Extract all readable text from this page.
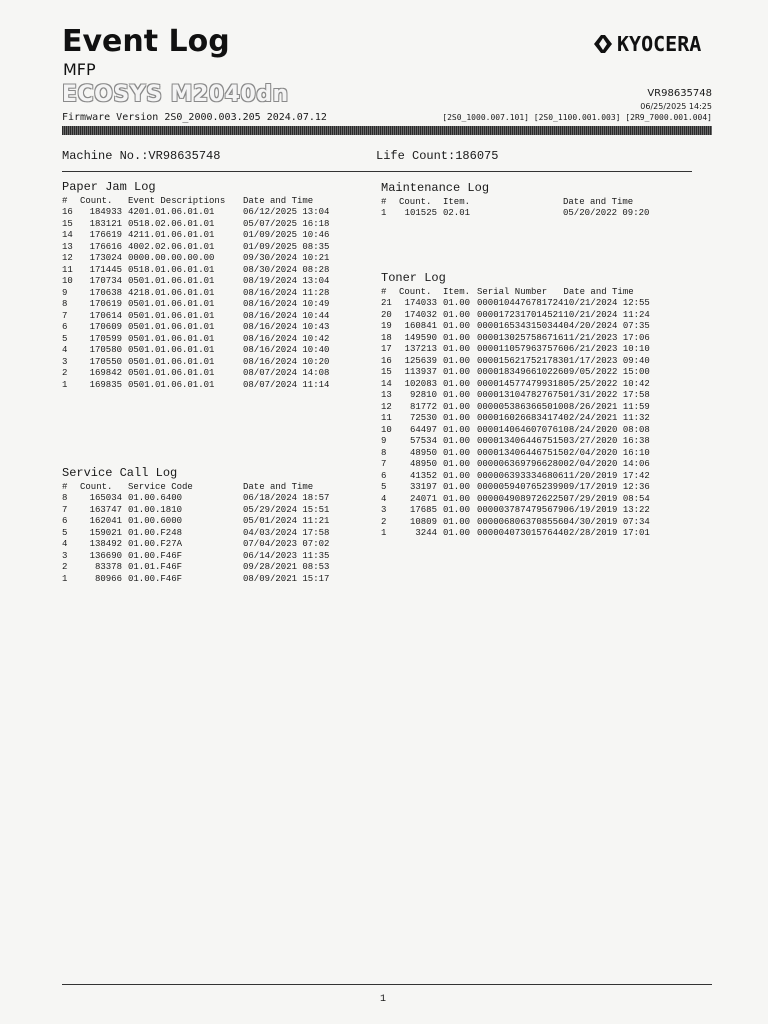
Event Log
MFP
ECOSYS M2040dn
Firmware Version 2S0_2000.003.205 2024.07.12
KYOCERA
VR98635748
06/25/2025 14:25
[2S0_1000.007.101] [2S0_1100.001.003] [2R9_7000.001.004]
Machine No.:VR98635748	Life Count:186075
Paper Jam Log
#	Count.	Event Descriptions	Date and Time
16	184933	4201.01.06.01.01	06/12/2025 13:04
15	183121	0518.02.06.01.01	05/07/2025 16:18
14	176619	4211.01.06.01.01	01/09/2025 10:46
13	176616	4002.02.06.01.01	01/09/2025 08:35
12	173024	0000.00.00.00.00	09/30/2024 10:21
11	171445	0518.01.06.01.01	08/30/2024 08:28
10	170734	0501.01.06.01.01	08/19/2024 13:04
9	170638	4218.01.06.01.01	08/16/2024 11:28
8	170619	0501.01.06.01.01	08/16/2024 10:49
7	170614	0501.01.06.01.01	08/16/2024 10:44
6	170609	0501.01.06.01.01	08/16/2024 10:43
5	170599	0501.01.06.01.01	08/16/2024 10:42
4	170580	0501.01.06.01.01	08/16/2024 10:40
3	170550	0501.01.06.01.01	08/16/2024 10:20
2	169842	0501.01.06.01.01	08/07/2024 14:08
1	169835	0501.01.06.01.01	08/07/2024 11:14
Service Call Log
#	Count.	Service Code	Date and Time
8	165034	01.00.6400	06/18/2024 18:57
7	163747	01.00.1810	05/29/2024 15:51
6	162041	01.00.6000	05/01/2024 11:21
5	159021	01.00.F248	04/03/2024 17:58
4	138492	01.00.F27A	07/04/2023 07:02
3	136690	01.00.F46F	06/14/2023 11:35
2	83378	01.01.F46F	09/28/2021 08:53
1	80966	01.00.F46F	08/09/2021 15:17
Maintenance Log
#	Count.	Item.	Date and Time
1	101525	02.01	05/20/2022 09:20
Toner Log
#	Count.	Item.	Serial Number	Date and Time
21	174033	01.00	0000104476781724	10/21/2024 12:55
20	174032	01.00	0000172317014521	10/21/2024 11:24
19	160841	01.00	0000165343150344	04/20/2024 07:35
18	149590	01.00	0000130257586716	11/21/2023 17:06
17	137213	01.00	0000110579637576	06/21/2023 10:10
16	125639	01.00	0000156217521783	01/17/2023 09:40
15	113937	01.00	0000183496610226	09/05/2022 15:00
14	102083	01.00	0000145774799318	05/25/2022 10:42
13	92810	01.00	0000131047827675	01/31/2022 17:58
12	81772	01.00	0000053863665010	08/26/2021 11:59
11	72530	01.00	0000160266834174	02/24/2021 11:32
10	64497	01.00	0000140646070761	08/24/2020 08:08
9	57534	01.00	0000134064467515	03/27/2020 16:38
8	48950	01.00	0000134064467515	02/04/2020 16:10
7	48950	01.00	0000063697966280	02/04/2020 14:06
6	41352	01.00	0000063933346806	11/20/2019 17:42
5	33197	01.00	0000059407652399	09/17/2019 12:36
4	24071	01.00	0000049089726225	07/29/2019 08:54
3	17685	01.00	0000037874795679	06/19/2019 13:22
2	10809	01.00	0000068063708556	04/30/2019 07:34
1	3244	01.00	0000040730157644	02/28/2019 17:01
1
